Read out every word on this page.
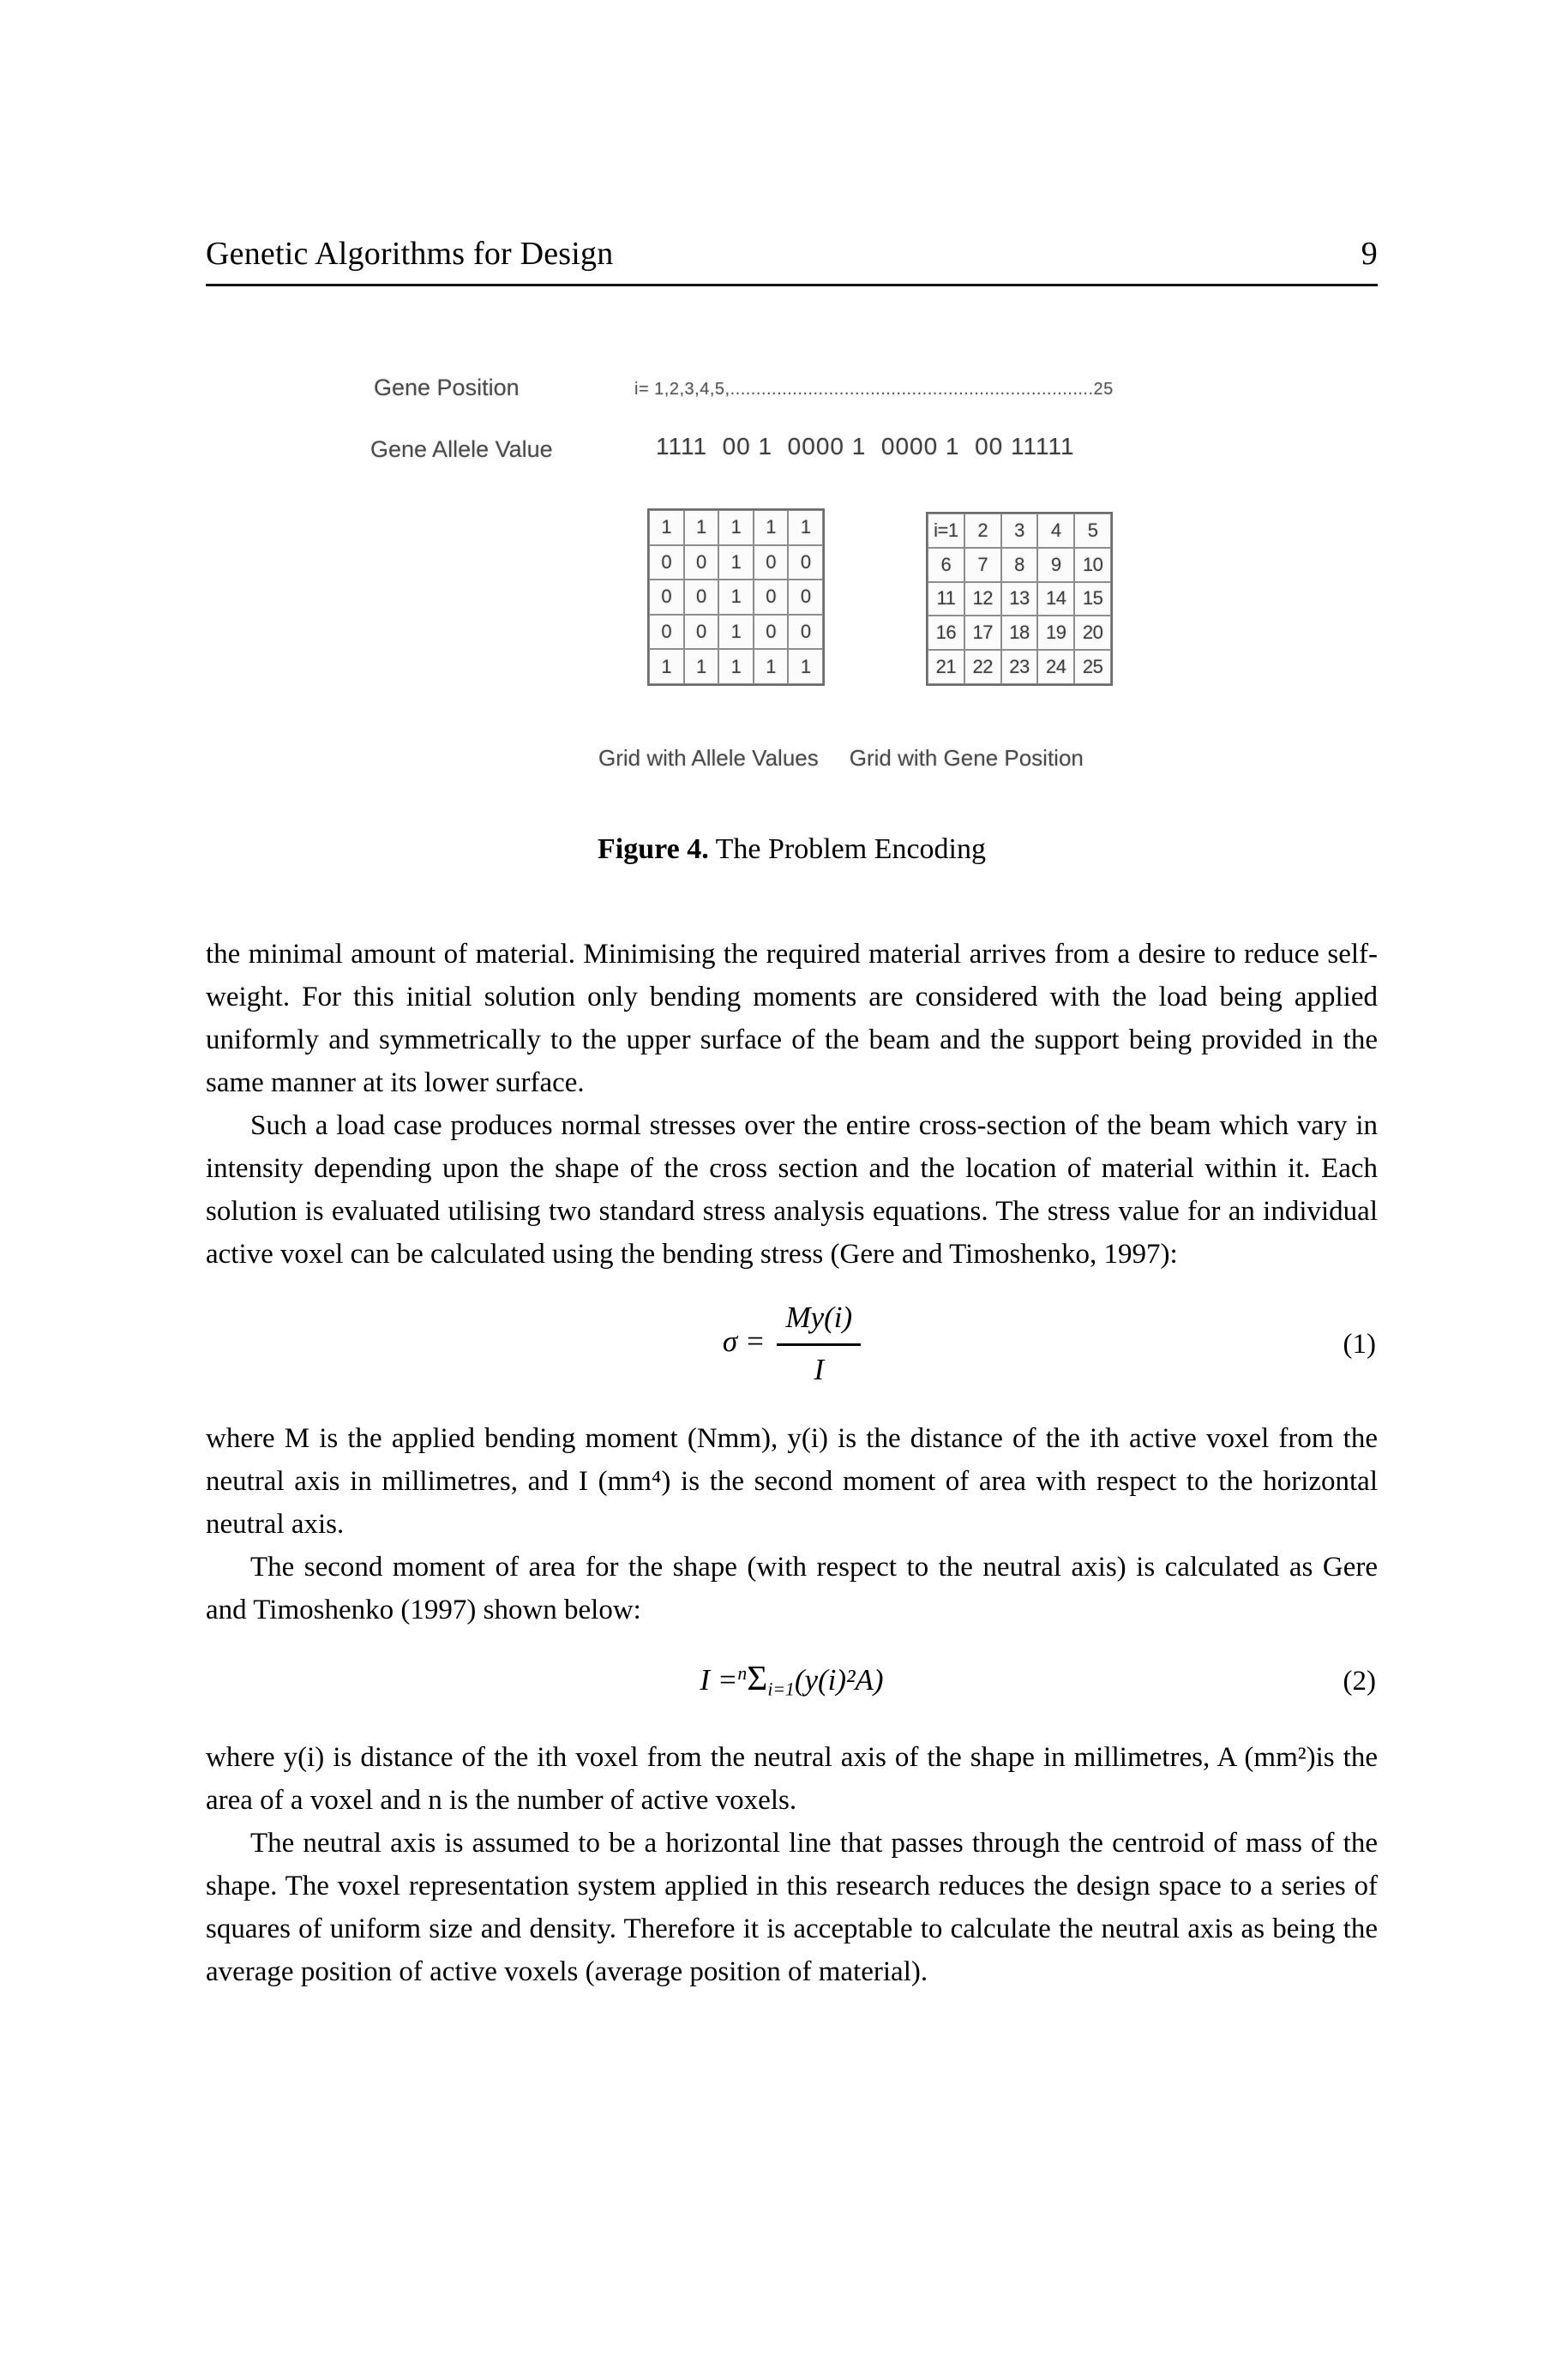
Genetic Algorithms for Design	9
Gene Position	i= 1,2,3,4,5,......................................................................25
Gene Allele Value	1111  00 1  0000 1  0000 1  00 11111
1	1	1	1	1
0	0	1	0	0
0	0	1	0	0
0	0	1	0	0
1	1	1	1	1
i=1	2	3	4	5
6	7	8	9	10
11 12 13 14 15
16 17 18 19 20
21 22 23 24 25
Grid with Allele Values Grid with Gene Position
Figure 4. The Problem Encoding

the minimal amount of material. Minimising the required material arrives from a desire to reduce self-weight. For this initial solution only bending moments are considered with the load being applied uniformly and symmetrically to the upper surface of the beam and the support being provided in the same manner at its lower surface.

Such a load case produces normal stresses over the entire cross-section of the beam which vary in intensity depending upon the shape of the cross section and the location of material within it. Each solution is evaluated utilising two standard stress analysis equations. The stress value for an individual active voxel can be calculated using the bending stress (Gere and Timoshenko, 1997):

$\sigma = \frac{My(i)}{I}$	(1)

where M is the applied bending moment (Nmm), y(i) is the distance of the ith active voxel from the neutral axis in millimetres, and I (mm⁴) is the second moment of area with respect to the horizontal neutral axis.

The second moment of area for the shape (with respect to the neutral axis) is calculated as Gere and Timoshenko (1997) shown below:

$I =^n\Sigma_{i=1}(y(i)^2A)$	(2)

where y(i) is distance of the ith voxel from the neutral axis of the shape in millimetres, A (mm²)is the area of a voxel and n is the number of active voxels.

The neutral axis is assumed to be a horizontal line that passes through the centroid of mass of the shape. The voxel representation system applied in this research reduces the design space to a series of squares of uniform size and density. Therefore it is acceptable to calculate the neutral axis as being the average position of active voxels (average position of material).
